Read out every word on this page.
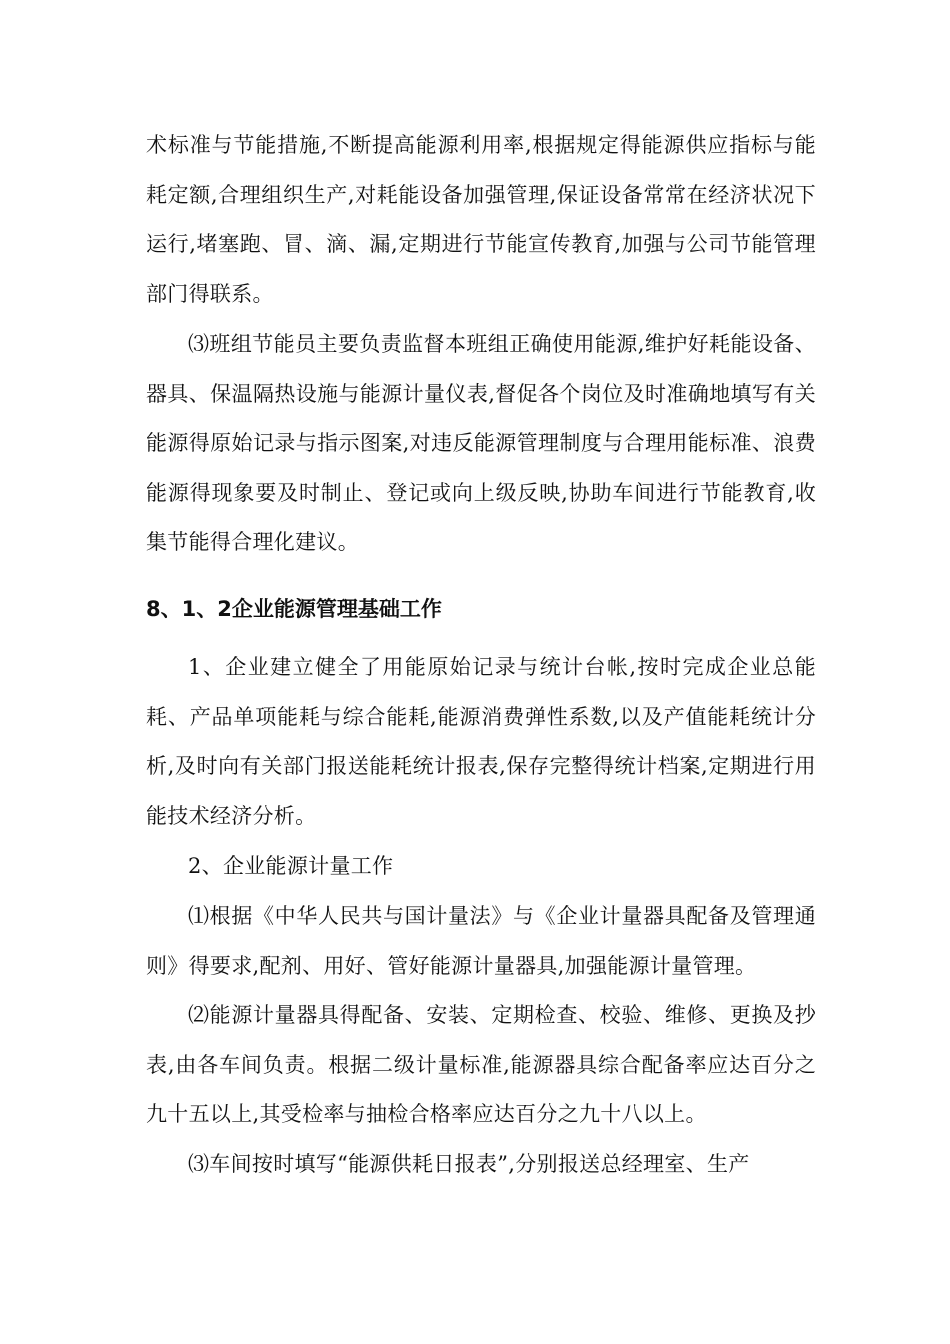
术标准与节能措施,不断提高能源利用率,根据规定得能源供应指标与能耗定额,合理组织生产,对耗能设备加强管理,保证设备常常在经济状况下运行,堵塞跑、冒、滴、漏,定期进行节能宣传教育,加强与公司节能管理部门得联系。

⑶班组节能员主要负责监督本班组正确使用能源,维护好耗能设备、器具、保温隔热设施与能源计量仪表,督促各个岗位及时准确地填写有关能源得原始记录与指示图案,对违反能源管理制度与合理用能标准、浪费能源得现象要及时制止、登记或向上级反映,协助车间进行节能教育,收集节能得合理化建议。

8、1、2企业能源管理基础工作

1、企业建立健全了用能原始记录与统计台帐,按时完成企业总能耗、产品单项能耗与综合能耗,能源消费弹性系数,以及产值能耗统计分析,及时向有关部门报送能耗统计报表,保存完整得统计档案,定期进行用能技术经济分析。

2、企业能源计量工作

⑴根据《中华人民共与国计量法》与《企业计量器具配备及管理通则》得要求,配剂、用好、管好能源计量器具,加强能源计量管理。

⑵能源计量器具得配备、安装、定期检查、校验、维修、更换及抄表,由各车间负责。根据二级计量标准,能源器具综合配备率应达百分之九十五以上,其受检率与抽检合格率应达百分之九十八以上。

⑶车间按时填写“能源供耗日报表”,分别报送总经理室、生产
